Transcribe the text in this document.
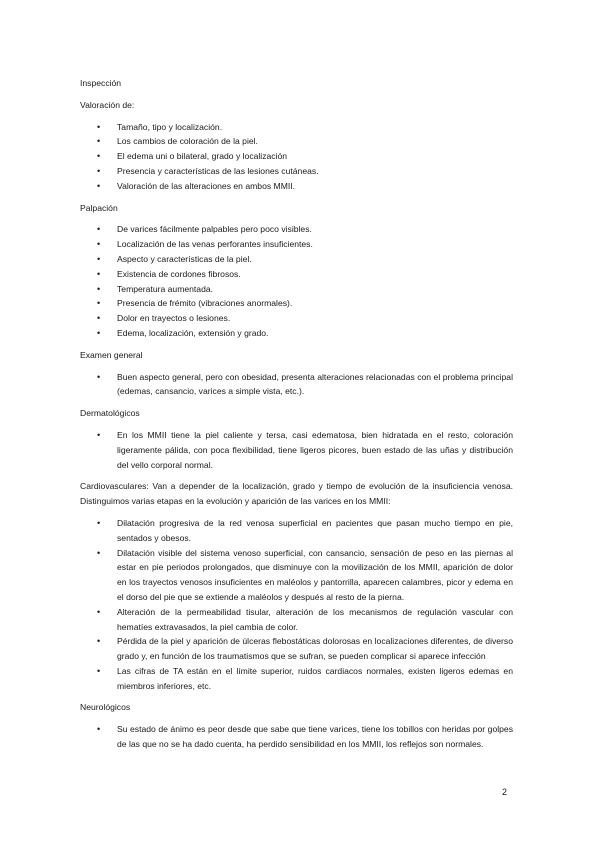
Inspección
Valoración de:
• Tamaño, tipo y localización.
• Los cambios de coloración de la piel.
• El edema uni o bilateral, grado y localización
• Presencia y características de las lesiones cutáneas.
• Valoración de las alteraciones en ambos MMII.
Palpación
• De varices fácilmente palpables pero poco visibles.
• Localización de las venas perforantes insuficientes.
• Aspecto y características de la piel.
• Existencia de cordones fibrosos.
• Temperatura aumentada.
• Presencia de frémito (vibraciones anormales).
• Dolor en trayectos o lesiones.
• Edema, localización, extensión y grado.
Examen general
• Buen aspecto general, pero con obesidad, presenta alteraciones relacionadas con el problema principal (edemas, cansancio, varices a simple vista, etc.).
Dermatológicos
• En los MMII tiene la piel caliente y tersa, casi edematosa, bien hidratada en el resto, coloración ligeramente pálida, con poca flexibilidad, tiene ligeros picores, buen estado de las uñas y distribución del vello corporal normal.
Cardiovasculares: Van a depender de la localización, grado y tiempo de evolución de la insuficiencia venosa. Distinguimos varias etapas en la evolución y aparición de las varices en los MMII:
• Dilatación progresiva de la red venosa superficial en pacientes que pasan mucho tiempo en pie, sentados y obesos.
• Dilatación visible del sistema venoso superficial, con cansancio, sensación de peso en las piernas al estar en pie periodos prolongados, que disminuye con la movilización de los MMII, aparición de dolor en los trayectos venosos insuficientes en maléolos y pantorrilla, aparecen calambres, picor y edema en el dorso del pie que se extiende a maléolos y después al resto de la pierna.
• Alteración de la permeabilidad tisular, alteración de los mecanismos de regulación vascular con hematíes extravasados, la piel cambia de color.
• Pérdida de la piel y aparición de úlceras flebostáticas dolorosas en localizaciones diferentes, de diverso grado y, en función de los traumatismos que se sufran, se pueden complicar si aparece infección
• Las cifras de TA están en el límite superior, ruidos cardiacos normales, existen ligeros edemas en miembros inferiores, etc.
Neurológicos
• Su estado de ánimo es peor desde que sabe que tiene varices, tiene los tobillos con heridas por golpes de las que no se ha dado cuenta, ha perdido sensibilidad en los MMII, los reflejos son normales.
2
